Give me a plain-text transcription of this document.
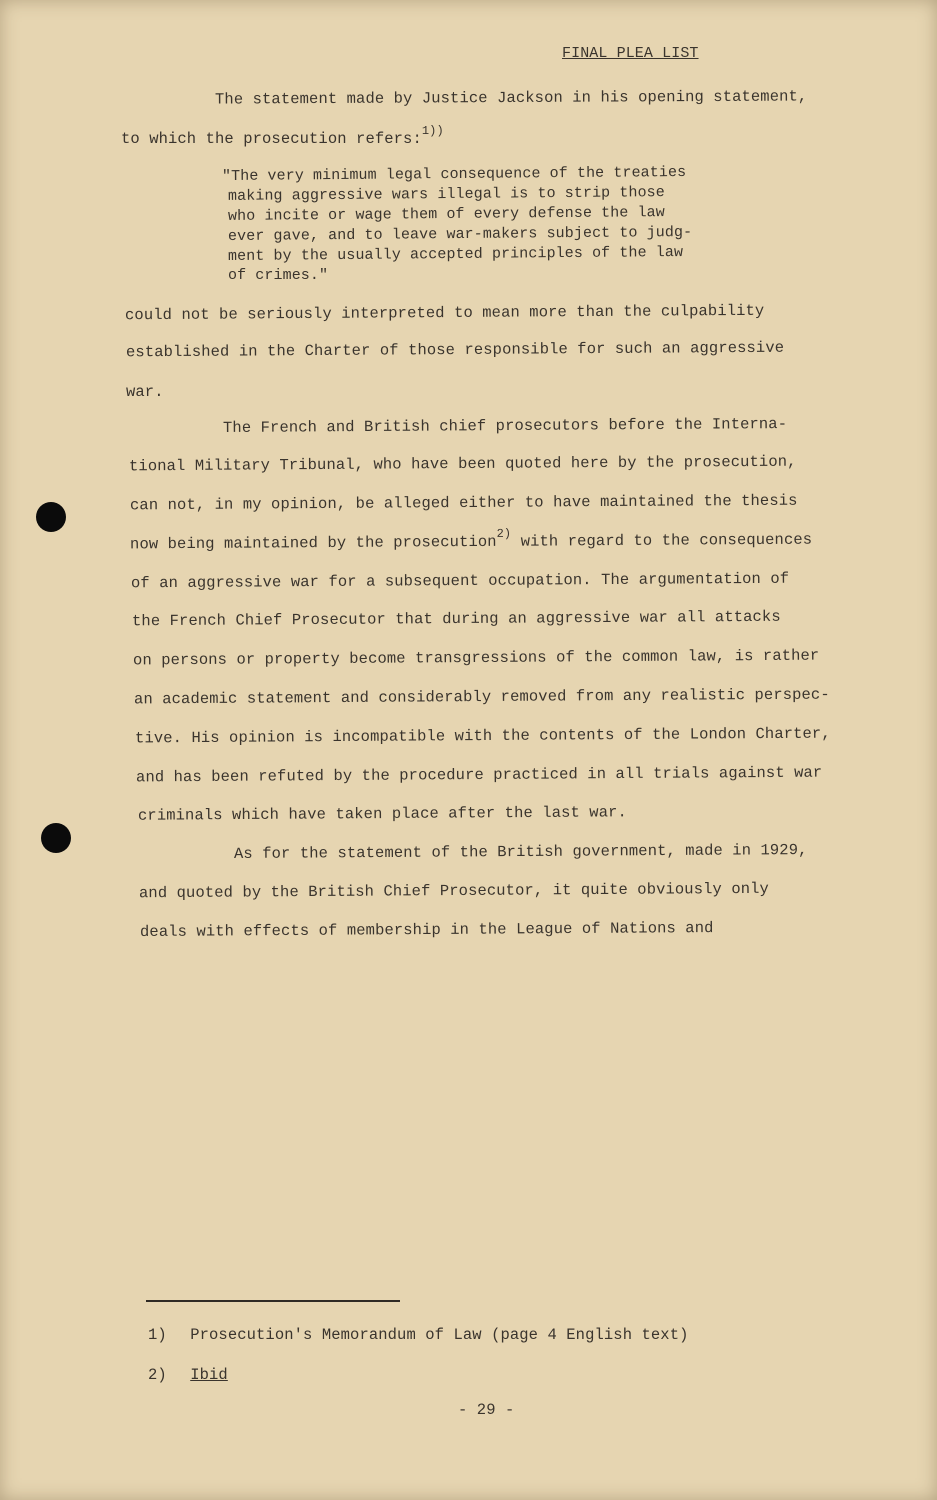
FINAL PLEA LIST
The statement made by Justice Jackson in his opening statement,
to which the prosecution refers:$^{1))}$
"The very minimum legal consequence of the treaties
making aggressive wars illegal is to strip those
who incite or wage them of every defense the law
ever gave, and to leave war-makers subject to judg-
ment by the usually accepted principles of the law
of crimes."
could not be seriously interpreted to mean more than the culpability
established in the Charter of those responsible for such an aggressive
war.
The French and British chief prosecutors before the Interna-
tional Military Tribunal, who have been quoted here by the prosecution,
can not, in my opinion, be alleged either to have maintained the thesis
now being maintained by the prosecution$^{2)}$ with regard to the consequences
of an aggressive war for a subsequent occupation. The argumentation of
the French Chief Prosecutor that during an aggressive war all attacks
on persons or property become transgressions of the common law, is rather
an academic statement and considerably removed from any realistic perspec-
tive. His opinion is incompatible with the contents of the London Charter,
and has been refuted by the procedure practiced in all trials against war
criminals which have taken place after the last war.
As for the statement of the British government, made in 1929,
and quoted by the British Chief Prosecutor, it quite obviously only
deals with effects of membership in the League of Nations and
1) Prosecution's Memorandum of Law (page 4 English text)
2) Ibid
- 29 -
